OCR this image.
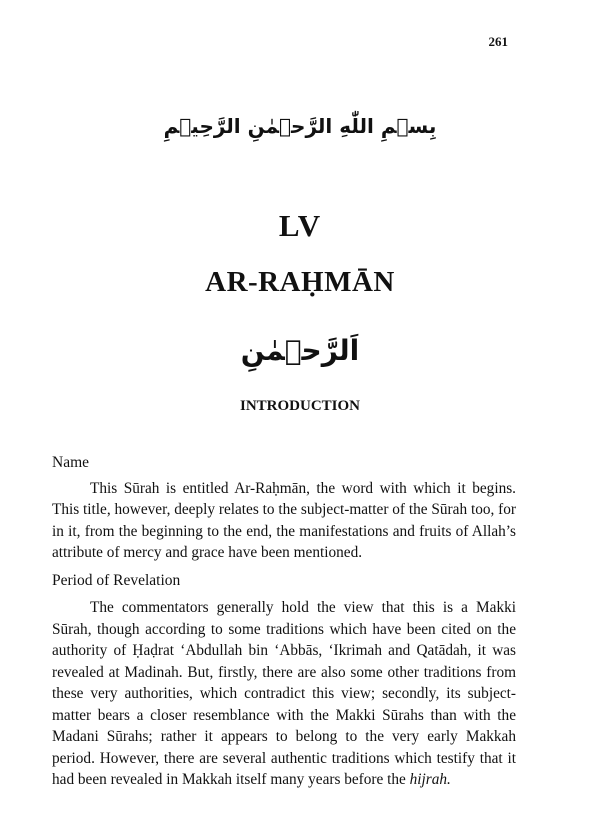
261
بِسۡمِ اللّٰهِ الرَّحۡمٰنِ الرَّحِيۡمِ
LV
AR-RAḤMĀN
اَلرَّحۡمٰنِ
INTRODUCTION
Name

This Sūrah is entitled Ar-Raḥmān, the word with which it begins. This title, however, deeply relates to the subject-matter of the Sūrah too, for in it, from the beginning to the end, the manifestations and fruits of Allah’s attribute of mercy and grace have been mentioned.

Period of Revelation

The commentators generally hold the view that this is a Makki Sūrah, though according to some traditions which have been cited on the authority of Ḥaḍrat ‘Abdullah bin ‘Abbās, ‘Ikrimah and Qatādah, it was revealed at Madinah. But, firstly, there are also some other traditions from these very authorities, which contradict this view; secondly, its subject-matter bears a closer resemblance with the Makki Sūrahs than with the Madani Sūrahs; rather it appears to belong to the very early Makkah period. However, there are several authentic traditions which testify that it had been revealed in Makkah itself many years before the hijrah.
